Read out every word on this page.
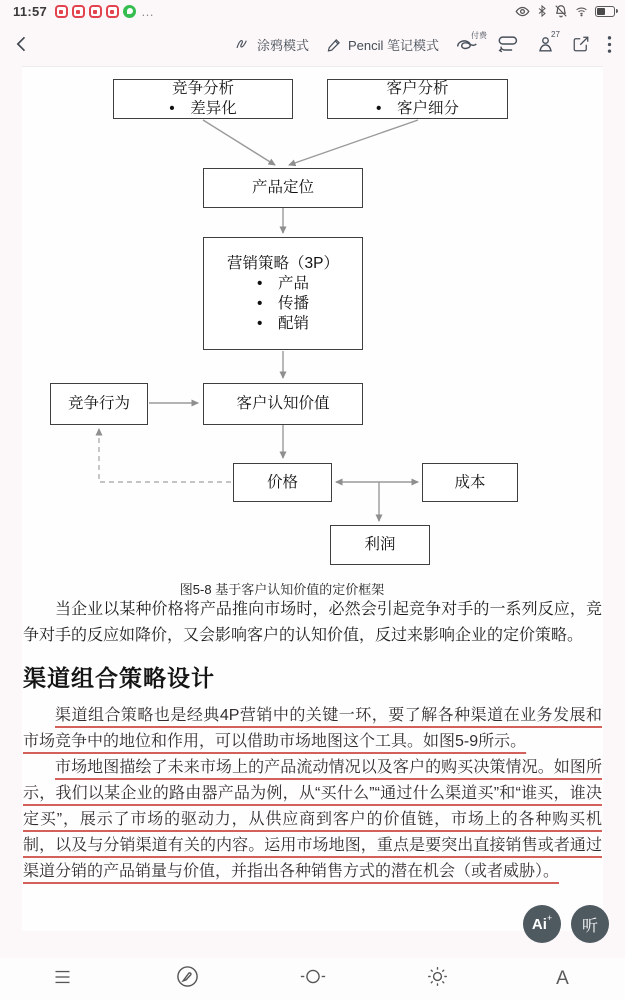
11:57	…
涂鸦模式	Pencil 笔记模式
付费	27
竞争分析
•  差异化
客户分析
•  客户细分
产品定位
营销策略（3P）
•  产品
•  传播
•  配销
竞争行为	客户认知价值
价格	成本
利润
图5-8 基于客户认知价值的定价框架

当企业以某种价格将产品推向市场时，必然会引起竞争对手的一系列反应，竞争对手的反应如降价，又会影响客户的认知价值，反过来影响企业的定价策略。

渠道组合策略设计

渠道组合策略也是经典4P营销中的关键一环，要了解各种渠道在业务发展和市场竞争中的地位和作用，可以借助市场地图这个工具。如图5-9所示。

市场地图描绘了未来市场上的产品流动情况以及客户的购买决策情况。如图所示，我们以某企业的路由器产品为例，从“买什么”“通过什么渠道买”和“谁买，谁决定买”，展示了市场的驱动力，从供应商到客户的价值链，市场上的各种购买机制，以及与分销渠道有关的内容。运用市场地图，重点是要突出直接销售或者通过渠道分销的产品销量与价值，并指出各种销售方式的潜在机会（或者威胁）。

Ai + 听
A
